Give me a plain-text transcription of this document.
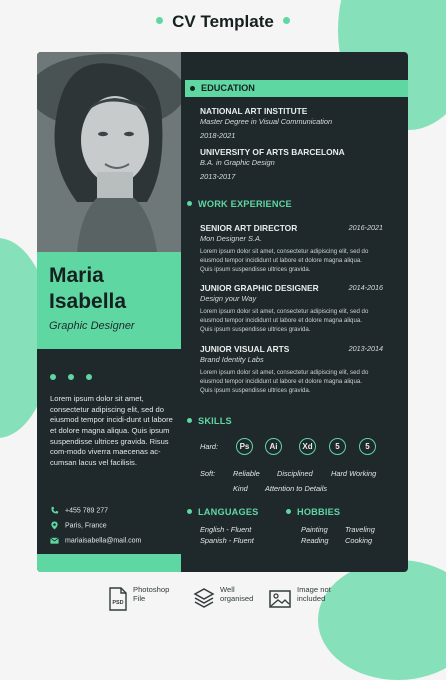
CV Template
Maria
Isabella
Graphic Designer
Lorem ipsum dolor sit amet, consectetur adipiscing elit, sed do eiusmod tempor incidi-dunt ut labore et dolore magna aliqua. Quis ipsum suspendisse ultrices gravida. Risus com-modo viverra maecenas ac-cumsan lacus vel facilisis.
+455 789 277
Paris, France
mariaisabella@mail.com
EDUCATION
NATIONAL ART INSTITUTE
Master Degree in Visual Communication
2018-2021
UNIVERSITY OF ARTS BARCELONA
B.A. in Graphic Design
2013-2017
WORK EXPERIENCE
SENIOR ART DIRECTOR	2016-2021
Mon Designer S.A.
Lorem ipsum dolor sit amet, consectetur adipiscing elit, sed do eiusmod tempor incididunt ut labore et dolore magna aliqua. Quis ipsum suspendisse ultrices gravida.
JUNIOR GRAPHIC DESIGNER	2014-2016
Design your Way
Lorem ipsum dolor sit amet, consectetur adipiscing elit, sed do eiusmod tempor incididunt ut labore et dolore magna aliqua. Quis ipsum suspendisse ultrices gravida.
JUNIOR VISUAL ARTS	2013-2014
Brand Identity Labs
Lorem ipsum dolor sit amet, consectetur adipiscing elit, sed do eiusmod tempor incididunt ut labore et dolore magna aliqua. Quis ipsum suspendisse ultrices gravida.
SKILLS
Hard:	Ps	Ai	Xd	5	5
Soft: Reliable Disciplined Hard Working
Kind Attention to Details
LANGUAGES
English - Fluent
Spanish - Fluent
HOBBIES
Painting Traveling
Reading Cooking
PSD
Photoshop
File
Well
organised
Image not
included
